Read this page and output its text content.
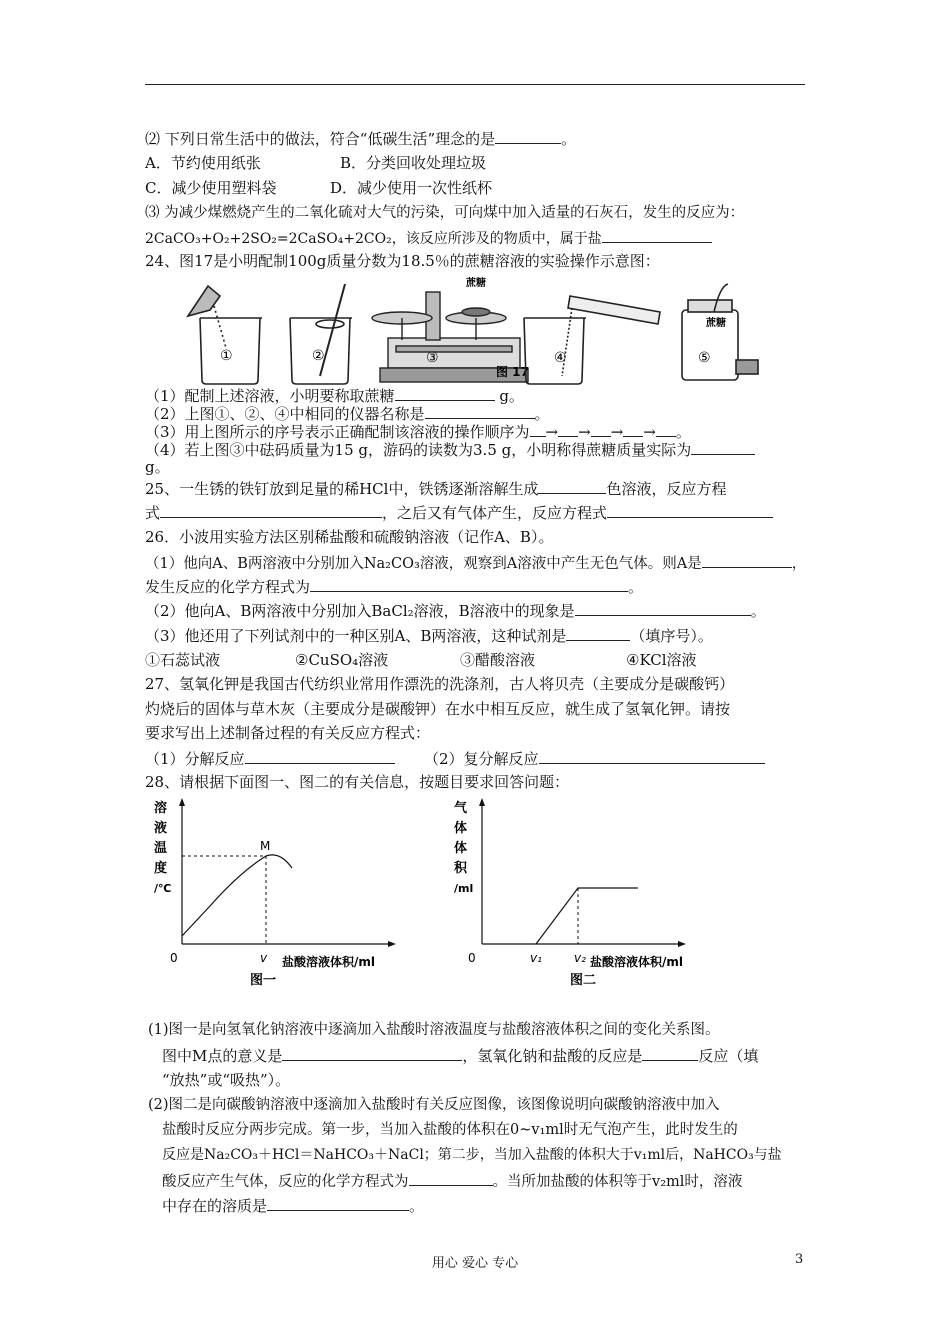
⑵ 下列日常生活中的做法，符合“低碳生活”理念的是	。
A．节约使用纸张	B．分类回收处理垃圾
C．减少使用塑料袋	D．减少使用一次性纸杯
⑶ 为减少煤燃烧产生的二氧化硫对大气的污染，可向煤中加入适量的石灰石，发生的反应为：
2CaCO₃+O₂+2SO₂=2CaSO₄+2CO₂，该反应所涉及的物质中，属于盐
24、图17是小明配制100g质量分数为18.5％的蔗糖溶液的实验操作示意图：
①	②
蔗糖
③
图 17
④
蔗糖
⑤
（1）配制上述溶液，小明要称取蔗糖	g。
（2）上图①、②、④中相同的仪器名称是	。
（3）用上图所示的序号表示正确配制该溶液的操作顺序为 → → → → 。
（4）若上图③中砝码质量为15 g，游码的读数为3.5 g，小明称得蔗糖质量实际为
g。
25、一生锈的铁钉放到足量的稀HCl中，铁锈逐渐溶解生成	色溶液，反应方程
式	，之后又有气体产生，反应方程式
26．小波用实验方法区别稀盐酸和硫酸钠溶液（记作A、B）。
（1）他向A、B两溶液中分别加入Na₂CO₃溶液，观察到A溶液中产生无色气体。则A是	，
发生反应的化学方程式为	。
（2）他向A、B两溶液中分别加入BaCl₂溶液，B溶液中的现象是	。
（3）他还用了下列试剂中的一种区别A、B两溶液，这种试剂是	（填序号）。
①石蕊试液	②CuSO₄溶液	③醋酸溶液	④KCl溶液
27、氢氧化钾是我国古代纺织业常用作漂洗的洗涤剂，古人将贝壳（主要成分是碳酸钙）
灼烧后的固体与草木灰（主要成分是碳酸钾）在水中相互反应，就生成了氢氧化钾。请按
要求写出上述制备过程的有关反应方程式：
（1）分解反应	（2）复分解反应
28、请根据下面图一、图二的有关信息，按题目要求回答问题：
溶
液
温
度
/℃
M
0	v 盐酸溶液体积/ml
图一
气
体
体
积
/ml
0	v₁	v₂ 盐酸溶液体积/ml
图二
(1)图一是向氢氧化钠溶液中逐滴加入盐酸时溶液温度与盐酸溶液体积之间的变化关系图。
图中M点的意义是	，氢氧化钠和盐酸的反应是	反应（填
“放热”或“吸热”）。
(2)图二是向碳酸钠溶液中逐滴加入盐酸时有关反应图像，该图像说明向碳酸钠溶液中加入
盐酸时反应分两步完成。第一步，当加入盐酸的体积在0~v₁ml时无气泡产生，此时发生的
反应是Na₂CO₃＋HCl＝NaHCO₃＋NaCl；第二步，当加入盐酸的体积大于v₁ml后，NaHCO₃与盐
酸反应产生气体，反应的化学方程式为	。当所加盐酸的体积等于v₂ml时，溶液
中存在的溶质是	。
用心 爱心 专心	3
